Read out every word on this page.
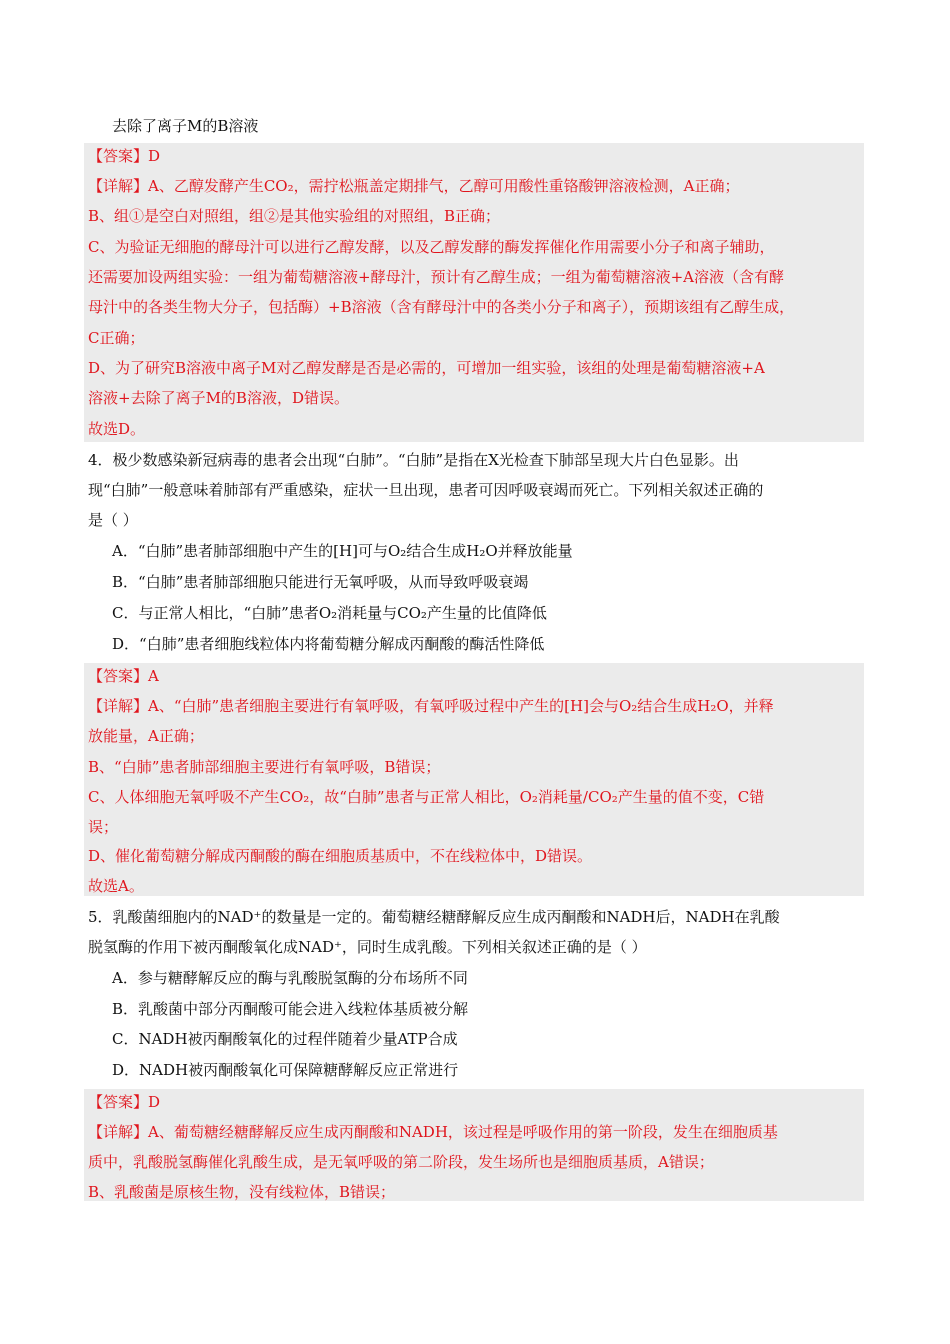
去除了离子M的B溶液
【答案】D
【详解】A、乙醇发酵产生CO₂，需拧松瓶盖定期排气，乙醇可用酸性重铬酸钾溶液检测，A正确；
B、组①是空白对照组，组②是其他实验组的对照组，B正确；
C、为验证无细胞的酵母汁可以进行乙醇发酵，以及乙醇发酵的酶发挥催化作用需要小分子和离子辅助，
还需要加设两组实验：一组为葡萄糖溶液+酵母汁，预计有乙醇生成；一组为葡萄糖溶液+A溶液（含有酵
母汁中的各类生物大分子，包括酶）+B溶液（含有酵母汁中的各类小分子和离子），预期该组有乙醇生成，
C正确；
D、为了研究B溶液中离子M对乙醇发酵是否是必需的，可增加一组实验，该组的处理是葡萄糖溶液+A
溶液+去除了离子M的B溶液，D错误。
故选D。
4．极少数感染新冠病毒的患者会出现“白肺”。“白肺”是指在X光检查下肺部呈现大片白色显影。出
现“白肺”一般意味着肺部有严重感染，症状一旦出现，患者可因呼吸衰竭而死亡。下列相关叙述正确的
是（ ）
A．“白肺”患者肺部细胞中产生的[H]可与O₂结合生成H₂O并释放能量
B．“白肺”患者肺部细胞只能进行无氧呼吸，从而导致呼吸衰竭
C．与正常人相比，“白肺”患者O₂消耗量与CO₂产生量的比值降低
D．“白肺”患者细胞线粒体内将葡萄糖分解成丙酮酸的酶活性降低
【答案】A
【详解】A、“白肺”患者细胞主要进行有氧呼吸，有氧呼吸过程中产生的[H]会与O₂结合生成H₂O，并释
放能量，A正确；
B、“白肺”患者肺部细胞主要进行有氧呼吸，B错误；
C、人体细胞无氧呼吸不产生CO₂，故“白肺”患者与正常人相比，O₂消耗量/CO₂产生量的值不变，C错
误；
D、催化葡萄糖分解成丙酮酸的酶在细胞质基质中，不在线粒体中，D错误。
故选A。
5．乳酸菌细胞内的NAD⁺的数量是一定的。葡萄糖经糖酵解反应生成丙酮酸和NADH后，NADH在乳酸
脱氢酶的作用下被丙酮酸氧化成NAD⁺，同时生成乳酸。下列相关叙述正确的是（ ）
A．参与糖酵解反应的酶与乳酸脱氢酶的分布场所不同
B．乳酸菌中部分丙酮酸可能会进入线粒体基质被分解
C．NADH被丙酮酸氧化的过程伴随着少量ATP合成
D．NADH被丙酮酸氧化可保障糖酵解反应正常进行
【答案】D
【详解】A、葡萄糖经糖酵解反应生成丙酮酸和NADH，该过程是呼吸作用的第一阶段，发生在细胞质基
质中，乳酸脱氢酶催化乳酸生成，是无氧呼吸的第二阶段，发生场所也是细胞质基质，A错误；
B、乳酸菌是原核生物，没有线粒体，B错误；
